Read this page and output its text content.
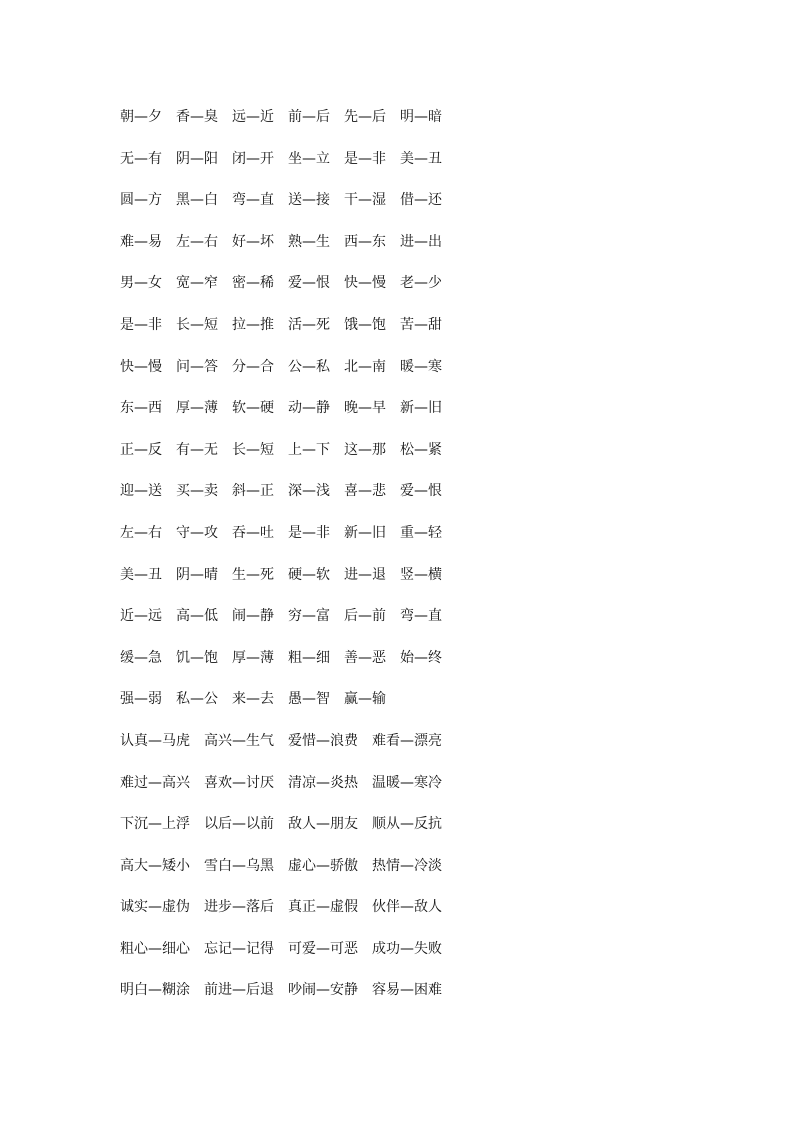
朝—夕 香—臭 远—近 前—后 先—后 明—暗
无—有 阴—阳 闭—开 坐—立 是—非 美—丑
圆—方 黑—白 弯—直 送—接 干—湿 借—还
难—易 左—右 好—坏 熟—生 西—东 进—出
男—女 宽—窄 密—稀 爱—恨 快—慢 老—少
是—非 长—短 拉—推 活—死 饿—饱 苦—甜
快—慢 问—答 分—合 公—私 北—南 暖—寒
东—西 厚—薄 软—硬 动—静 晚—早 新—旧
正—反 有—无 长—短 上—下 这—那 松—紧
迎—送 买—卖 斜—正 深—浅 喜—悲 爱—恨
左—右 守—攻 吞—吐 是—非 新—旧 重—轻
美—丑 阴—晴 生—死 硬—软 进—退 竖—横
近—远 高—低 闹—静 穷—富 后—前 弯—直
缓—急 饥—饱 厚—薄 粗—细 善—恶 始—终
强—弱 私—公 来—去 愚—智 赢—输
认真—马虎 高兴—生气 爱惜—浪费 难看—漂亮
难过—高兴 喜欢—讨厌 清凉—炎热 温暖—寒冷
下沉—上浮 以后—以前 敌人—朋友 顺从—反抗
高大—矮小 雪白—乌黑 虚心—骄傲 热情—冷淡
诚实—虚伪 进步—落后 真正—虚假 伙伴—敌人
粗心—细心 忘记—记得 可爱—可恶 成功—失败
明白—糊涂 前进—后退 吵闹—安静 容易—困难
